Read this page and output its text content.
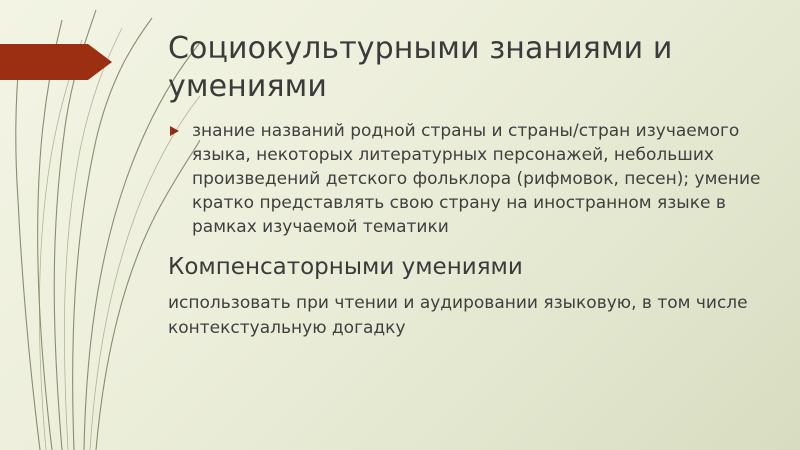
Социокультурными знаниями и умениями
знание названий родной страны и страны/стран изучаемого языка, некоторых литературных персонажей, небольших произведений детского фольклора (рифмовок, песен); умение кратко представлять свою страну на иностранном языке в рамках изучаемой тематики
Компенсаторными умениями

использовать при чтении и аудировании языковую, в том числе контекстуальную догадку
